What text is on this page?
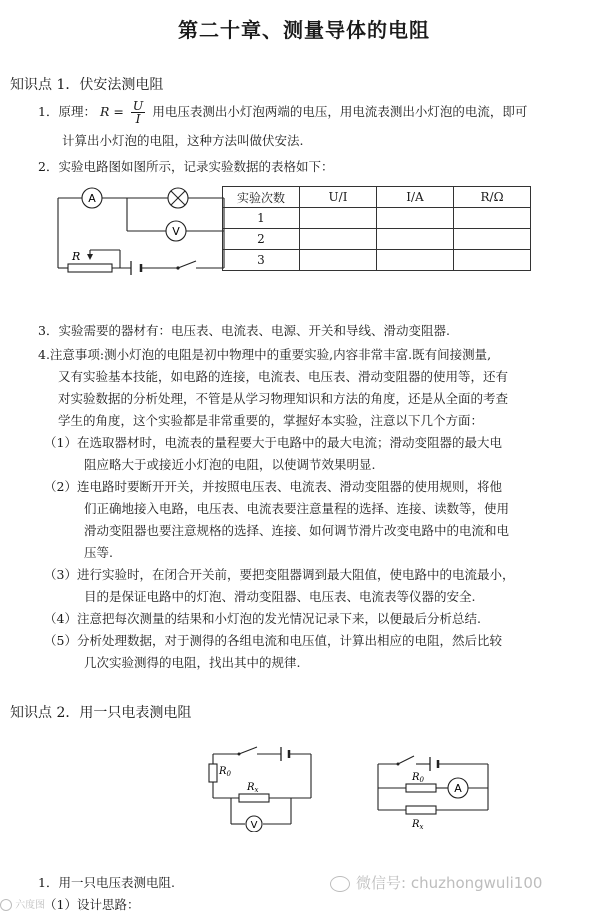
第二十章、测量导体的电阻
知识点 1．伏安法测电阻
1．原理： $R = \frac{U}{I}$ 用电压表测出小灯泡两端的电压，用电流表测出小灯泡的电流，即可
计算出小灯泡的电阻，这种方法叫做伏安法.
2．实验电路图如图所示，记录实验数据的表格如下：
A
V
R
实验次数	U/I	I/A	R/Ω
1			
2			
3			
3．实验需要的器材有：电压表、电流表、电源、开关和导线、滑动变阻器.
4.注意事项:测小灯泡的电阻是初中物理中的重要实验,内容非常丰富.既有间接测量,
又有实验基本技能，如电路的连接，电流表、电压表、滑动变阻器的使用等，还有
对实验数据的分析处理，不管是从学习物理知识和方法的角度，还是从全面的考查
学生的角度，这个实验都是非常重要的，掌握好本实验，注意以下几个方面：
（1）在选取器材时，电流表的量程要大于电路中的最大电流；滑动变阻器的最大电
阻应略大于或接近小灯泡的电阻，以使调节效果明显.
（2）连电路时要断开开关，并按照电压表、电流表、滑动变阻器的使用规则，将他
们正确地接入电路，电压表、电流表要注意量程的选择、连接、读数等，使用
滑动变阻器也要注意规格的选择、连接、如何调节滑片改变电路中的电流和电
压等.
（3）进行实验时，在闭合开关前，要把变阻器调到最大阻值，使电路中的电流最小，
目的是保证电路中的灯泡、滑动变阻器、电压表、电流表等仪器的安全.
（4）注意把每次测量的结果和小灯泡的发光情况记录下来，以便最后分析总结.
（5）分析处理数据，对于测得的各组电流和电压值，计算出相应的电阻，然后比较
几次实验测得的电阻，找出其中的规律.
知识点 2．用一只电表测电阻
$R_0$
$R_x$
V
$R_0$
A
$R_x$
1．用一只电压表测电阻.
（1）设计思路：
六度图
微信号: chuzhongwuli100
